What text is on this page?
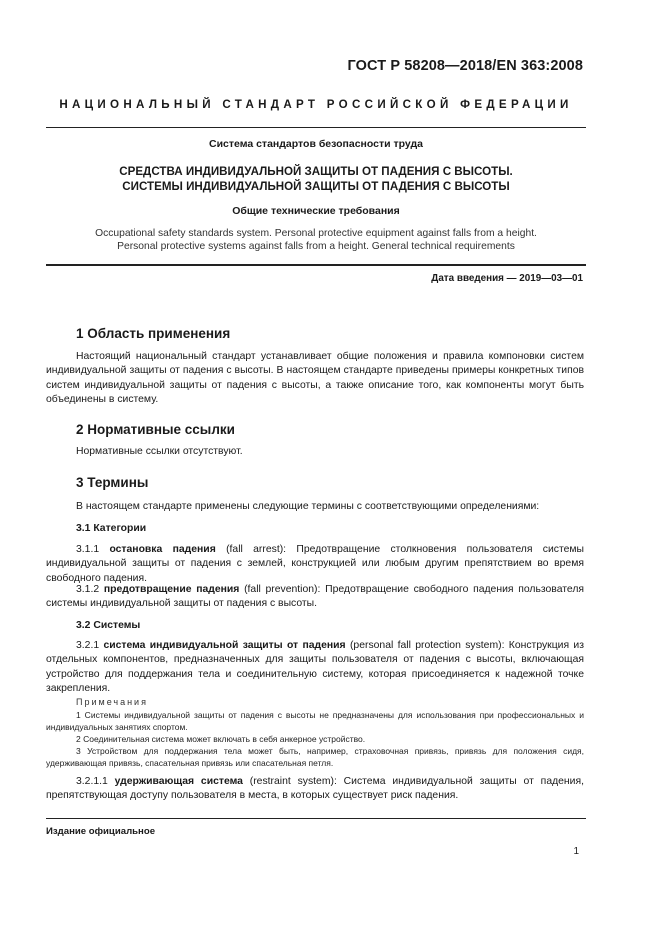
ГОСТ Р 58208—2018/EN 363:2008
НАЦИОНАЛЬНЫЙ СТАНДАРТ РОССИЙСКОЙ ФЕДЕРАЦИИ
Система стандартов безопасности труда
СРЕДСТВА ИНДИВИДУАЛЬНОЙ ЗАЩИТЫ ОТ ПАДЕНИЯ С ВЫСОТЫ.
СИСТЕМЫ ИНДИВИДУАЛЬНОЙ ЗАЩИТЫ ОТ ПАДЕНИЯ С ВЫСОТЫ
Общие технические требования
Occupational safety standards system. Personal protective equipment against falls from a height.
Personal protective systems against falls from a height. General technical requirements
Дата введения — 2019—03—01
1 Область применения
Настоящий национальный стандарт устанавливает общие положения и правила компоновки систем индивидуальной защиты от падения с высоты. В настоящем стандарте приведены примеры конкретных типов систем индивидуальной защиты от падения с высоты, а также описание того, как компоненты могут быть объединены в систему.
2 Нормативные ссылки
Нормативные ссылки отсутствуют.
3 Термины
В настоящем стандарте применены следующие термины с соответствующими определениями:
3.1 Категории
3.1.1 остановка падения (fall arrest): Предотвращение столкновения пользователя системы индивидуальной защиты от падения с землей, конструкцией или любым другим препятствием во время свободного падения.
3.1.2 предотвращение падения (fall prevention): Предотвращение свободного падения пользователя системы индивидуальной защиты от падения с высоты.
3.2 Системы
3.2.1 система индивидуальной защиты от падения (personal fall protection system): Конструкция из отдельных компонентов, предназначенных для защиты пользователя от падения с высоты, включающая устройство для поддержания тела и соединительную систему, которая присоединяется к надежной точке закрепления.
Примечания
1 Системы индивидуальной защиты от падения с высоты не предназначены для использования при профессиональных и индивидуальных занятиях спортом.
2 Соединительная система может включать в себя анкерное устройство.
3 Устройством для поддержания тела может быть, например, страховочная привязь, привязь для положения сидя, удерживающая привязь, спасательная привязь или спасательная петля.
3.2.1.1 удерживающая система (restraint system): Система индивидуальной защиты от падения, препятствующая доступу пользователя в места, в которых существует риск падения.
Издание официальное
1
